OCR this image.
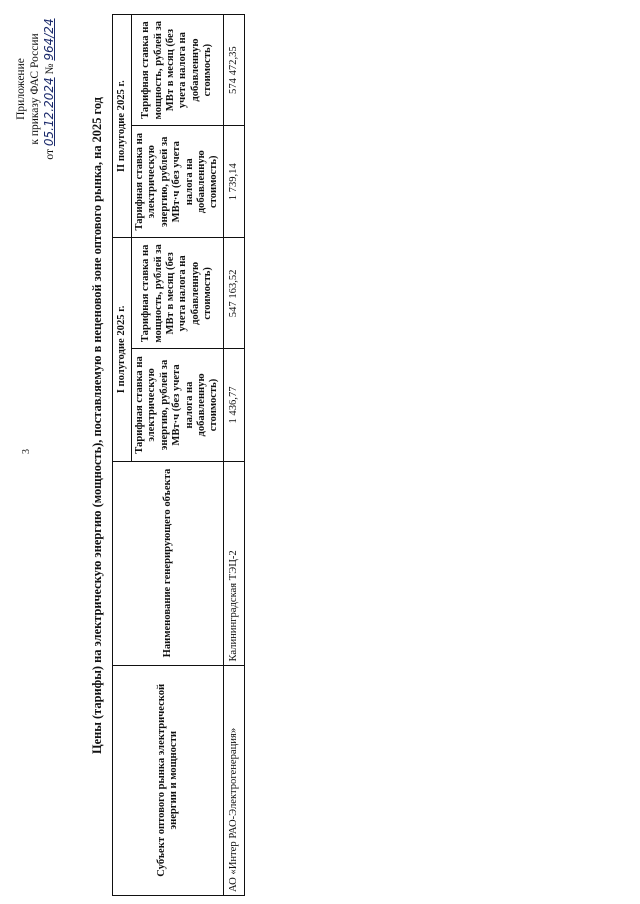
3
Приложение к приказу ФАС России
от 05.12.2024 № 964/24
Цены (тарифы) на электрическую энергию (мощность), поставляемую в неценовой зоне оптового рынка, на 2025 год
Субъект оптового рынка электрической энергии и мощности	Наименование генерирующего объекта	I полугодие 2025 г.		II полугодие 2025 г.	
		Тарифная ставка на электрическую энергию, рублей за МВт·ч (без учета налога на добавленную стоимость)	Тарифная ставка на мощность, рублей за МВт в месяц (без учета налога на добавленную стоимость)	Тарифная ставка на электрическую энергию, рублей за МВт·ч (без учета налога на добавленную стоимость)	Тарифная ставка на мощность, рублей за МВт в месяц (без учета налога на добавленную стоимость)
АО «Интер РАО-Электрогенерация»	Калининградская ТЭЦ-2	1 436,77	547 163,52	1 739,14	574 472,35
